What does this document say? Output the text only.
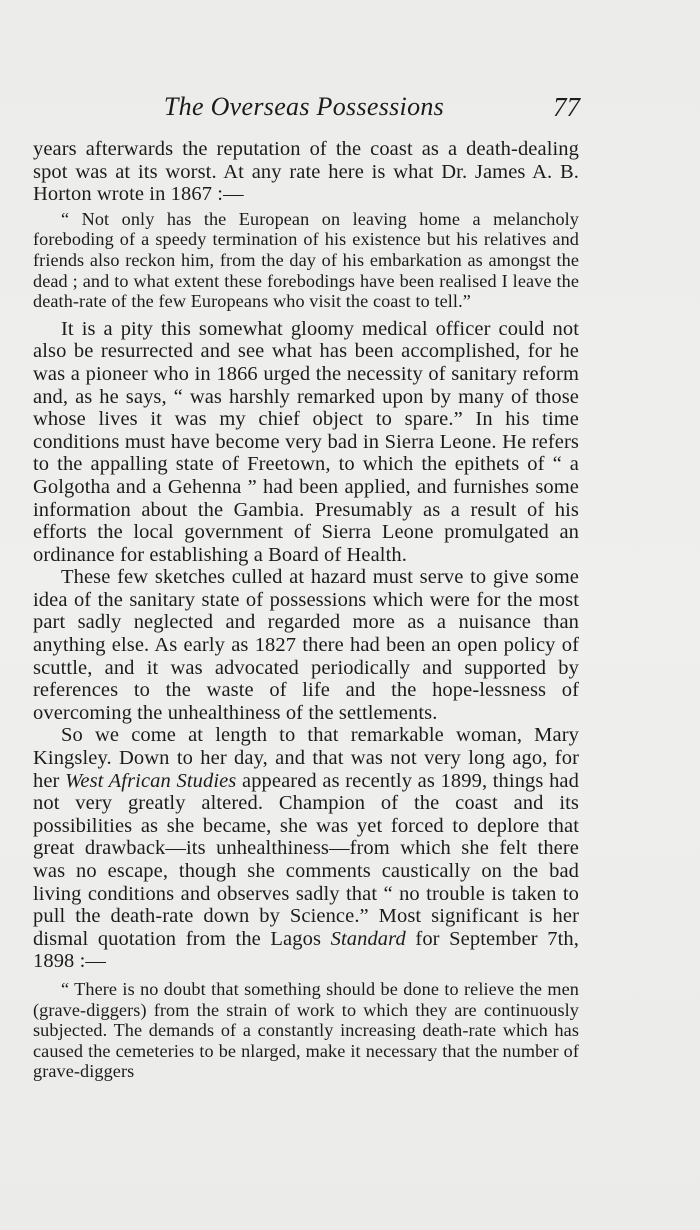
The Overseas Possessions	77

years afterwards the reputation of the coast as a death-dealing spot was at its worst. At any rate here is what Dr. James A. B. Horton wrote in 1867 :—

“ Not only has the European on leaving home a melancholy foreboding of a speedy termination of his existence but his relatives and friends also reckon him, from the day of his embarkation as amongst the dead ; and to what extent these forebodings have been realised I leave the death-rate of the few Europeans who visit the coast to tell.”

It is a pity this somewhat gloomy medical officer could not also be resurrected and see what has been accomplished, for he was a pioneer who in 1866 urged the necessity of sanitary reform and, as he says, “ was harshly remarked upon by many of those whose lives it was my chief object to spare.” In his time conditions must have become very bad in Sierra Leone. He refers to the appalling state of Freetown, to which the epithets of “ a Golgotha and a Gehenna ” had been applied, and furnishes some information about the Gambia. Presumably as a result of his efforts the local government of Sierra Leone promulgated an ordinance for establishing a Board of Health.

These few sketches culled at hazard must serve to give some idea of the sanitary state of possessions which were for the most part sadly neglected and regarded more as a nuisance than anything else. As early as 1827 there had been an open policy of scuttle, and it was advocated periodically and supported by references to the waste of life and the hope-lessness of overcoming the unhealthiness of the settlements.

So we come at length to that remarkable woman, Mary Kingsley. Down to her day, and that was not very long ago, for her West African Studies appeared as recently as 1899, things had not very greatly altered. Champion of the coast and its possibilities as she became, she was yet forced to deplore that great drawback—its unhealthiness—from which she felt there was no escape, though she comments caustically on the bad living conditions and observes sadly that “ no trouble is taken to pull the death-rate down by Science.” Most significant is her dismal quotation from the Lagos Standard for September 7th, 1898 :—

“ There is no doubt that something should be done to relieve the men (grave-diggers) from the strain of work to which they are continuously subjected. The demands of a constantly increasing death-rate which has caused the cemeteries to be nlarged, make it necessary that the number of grave-diggers
